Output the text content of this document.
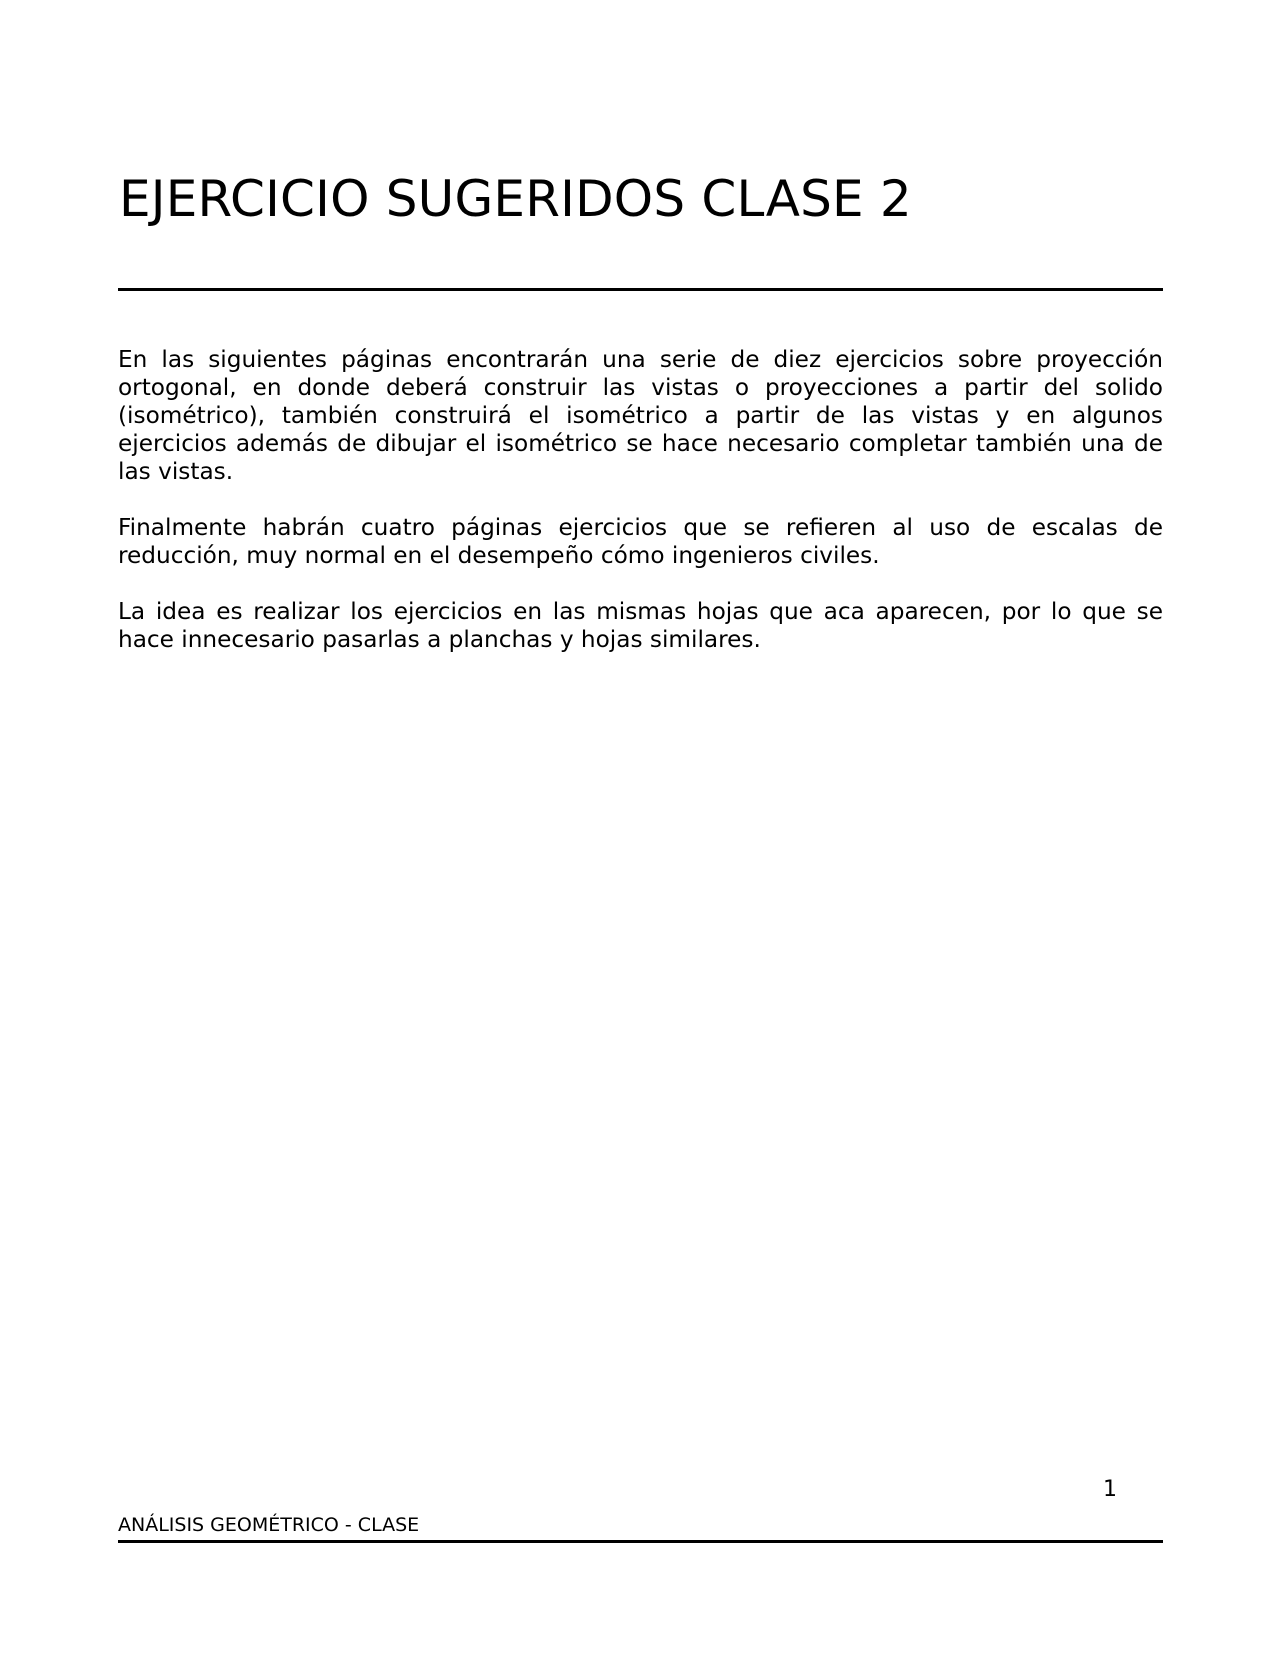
EJERCICIO SUGERIDOS CLASE 2

En las siguientes páginas encontrarán una serie de diez ejercicios sobre proyección ortogonal, en donde deberá construir las vistas o proyecciones a partir del solido (isométrico), también construirá el isométrico a partir de las vistas y en algunos ejercicios además de dibujar el isométrico se hace necesario completar también una de las vistas.

Finalmente habrán cuatro páginas ejercicios que se refieren al uso de escalas de reducción, muy normal en el desempeño cómo ingenieros civiles.

La idea es realizar los ejercicios en las mismas hojas que aca aparecen, por lo que se hace innecesario pasarlas a planchas y hojas similares.

1
ANÁLISIS GEOMÉTRICO - CLASE
